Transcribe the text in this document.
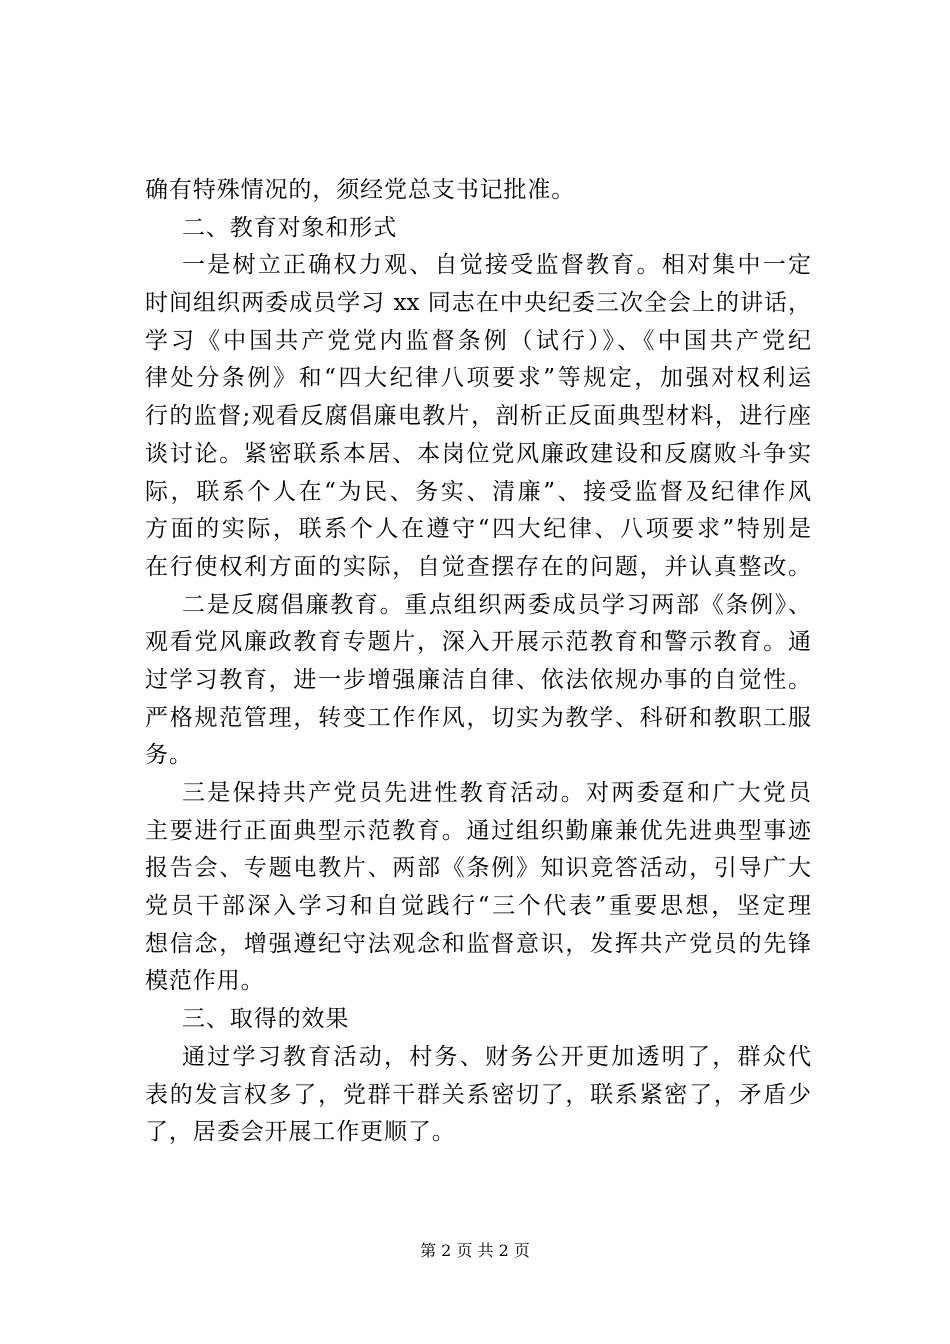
确有特殊情况的，须经党总支书记批准。
二、教育对象和形式
一是树立正确权力观、自觉接受监督教育。相对集中一定
时间组织两委成员学习 xx 同志在中央纪委三次全会上的讲话，
学习《中国共产党党内监督条例（试行）》、《中国共产党纪
律处分条例》和“四大纪律八项要求”等规定，加强对权利运
行的监督;观看反腐倡廉电教片，剖析正反面典型材料，进行座
谈讨论。紧密联系本居、本岗位党风廉政建设和反腐败斗争实
际，联系个人在“为民、务实、清廉”、接受监督及纪律作风
方面的实际，联系个人在遵守“四大纪律、八项要求”特别是
在行使权利方面的实际，自觉查摆存在的问题，并认真整改。
二是反腐倡廉教育。重点组织两委成员学习两部《条例》、
观看党风廉政教育专题片，深入开展示范教育和警示教育。通
过学习教育，进一步增强廉洁自律、依法依规办事的自觉性。
严格规范管理，转变工作作风，切实为教学、科研和教职工服
务。
三是保持共产党员先进性教育活动。对两委趸和广大党员
主要进行正面典型示范教育。通过组织勤廉兼优先进典型事迹
报告会、专题电教片、两部《条例》知识竞答活动，引导广大
党员干部深入学习和自觉践行“三个代表”重要思想，坚定理
想信念，增强遵纪守法观念和监督意识，发挥共产党员的先锋
模范作用。
三、取得的效果
通过学习教育活动，村务、财务公开更加透明了，群众代
表的发言权多了，党群干群关系密切了，联系紧密了，矛盾少
了，居委会开展工作更顺了。
第 2 页 共 2 页
